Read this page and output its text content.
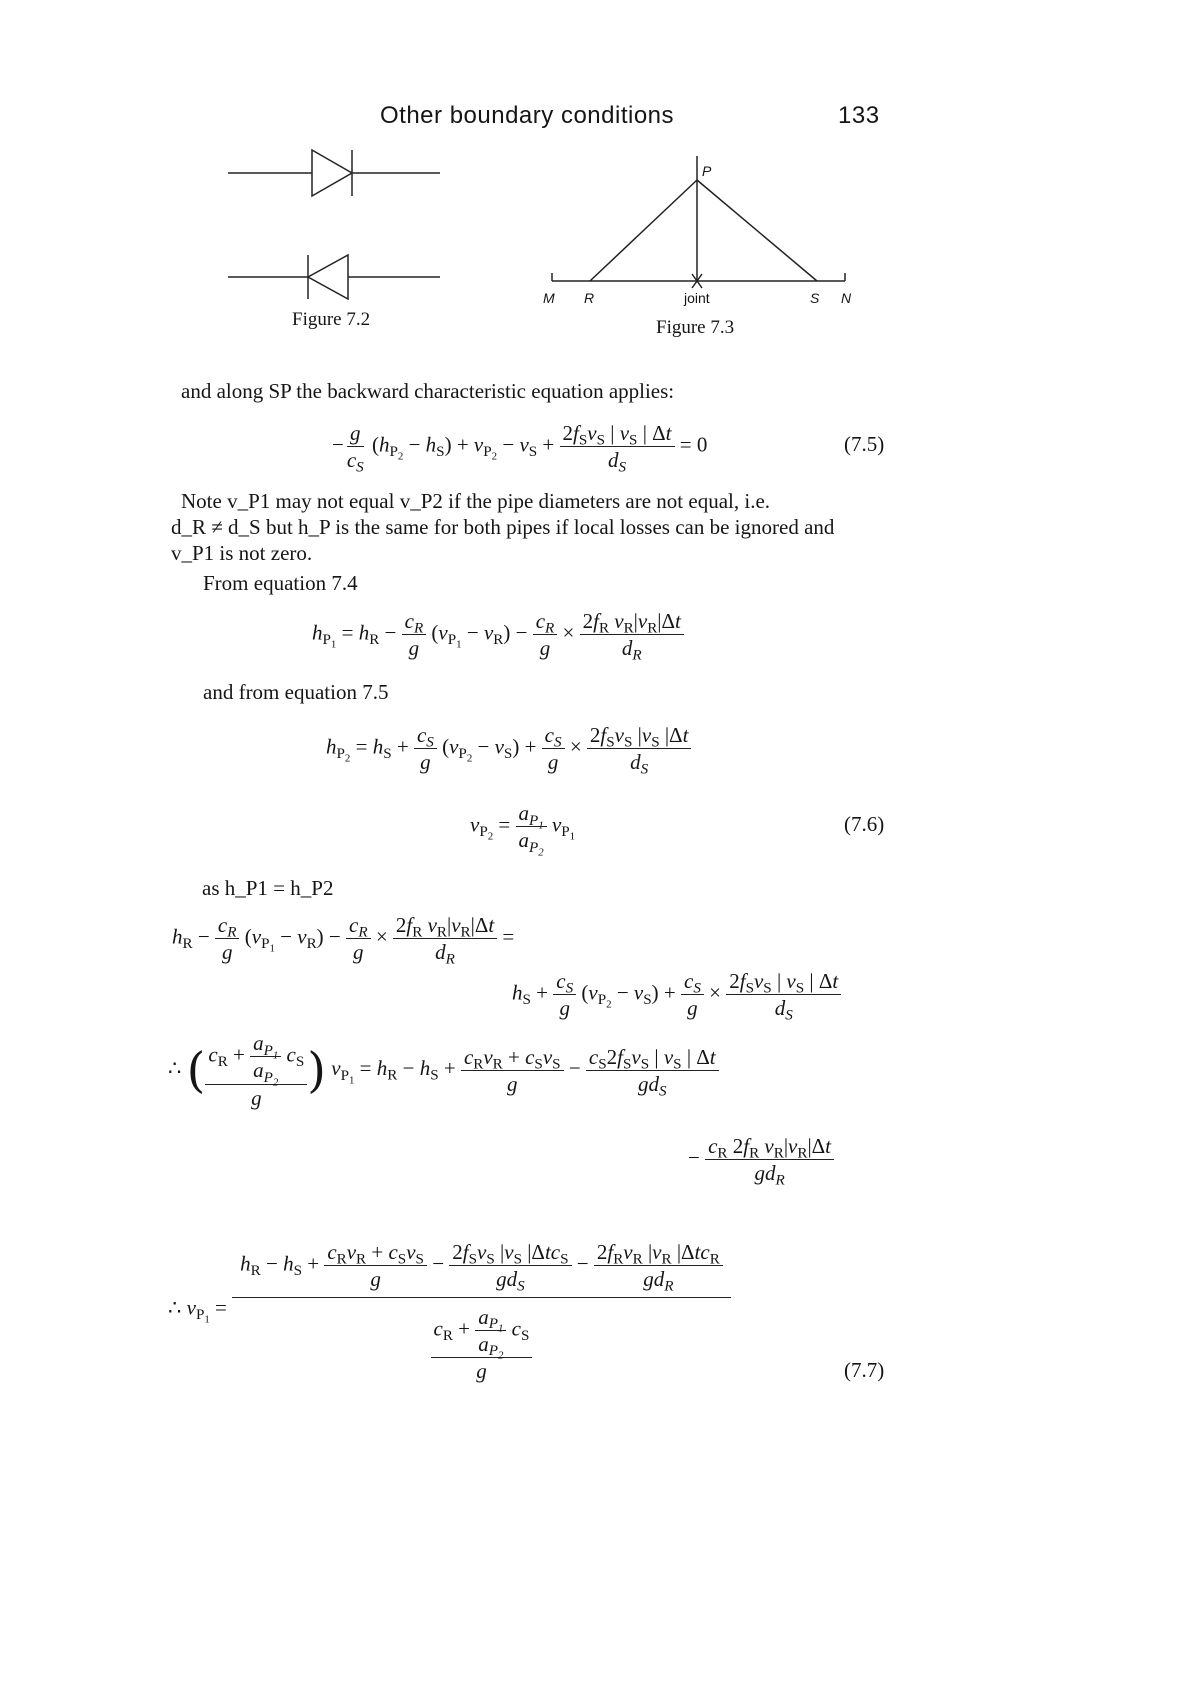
Other boundary conditions	133
Figure 7.2
P
M R	joint	S N
Figure 7.3
and along SP the backward characteristic equation applies:
− $\frac{g}{c_S} (h_{P_2} - h_S) + v_{P_2} - v_S + \frac{2f_Sv_S | v_S | \Delta t}{d_S} = 0$	(7.5)
Note v_P1 may not equal v_P2 if the pipe diameters are not equal, i.e.
d_R ≠ d_S but h_P is the same for both pipes if local losses can be ignored and
v_P1 is not zero.
From equation 7.4
$h_{P_1} = h_R - \frac{c_R}{g} (v_{P_1} - v_R) - \frac{c_R}{g} \times \frac{2f_R v_R|v_R|\Delta t}{d_R}$
and from equation 7.5
$h_{P_2} = h_S + \frac{c_S}{g} (v_{P_2} - v_S) + \frac{c_S}{g} \times \frac{2f_Sv_S |v_S |\Delta t}{d_S}$
$v_{P_2} = \frac{a_{P_1}}{a_{P_2}} v_{P_1}$
(7.6)
as h_P1 = h_P2
$h_R - \frac{c_R}{g} (v_{P_1} - v_R) - \frac{c_R}{g} \times \frac{2f_R v_R|v_R|\Delta t}{d_R}$ =
$h_S + \frac{c_S}{g} (v_{P_2} - v_S) + \frac{c_S}{g} \times \frac{2f_Sv_S | v_S | \Delta t}{d_S}$
∴ ( $\frac{c_R + \frac{a_{P_1}}{a_{P_2}} c_S}{g}$ ) $v_{P_1} = h_R - h_S + \frac{c_Rv_R + c_Sv_S}{g} - \frac{c_S2f_Sv_S | v_S | \Delta t}{gd_S}$
− $\frac{c_R 2f_R v_R|v_R|\Delta t}{gd_R}$
∴ $v_{P_1}$ =
$h_R - h_S + \frac{c_Rv_R + c_Sv_S}{g} - \frac{2f_Sv_S |v_S |\Delta tc_S}{gd_S} - \frac{2f_Rv_R |v_R |\Delta tc_R}{gd_R}$
$\frac{c_R + \frac{a_{P_1}}{a_{P_2}} c_S}{g}$	(7.7)
